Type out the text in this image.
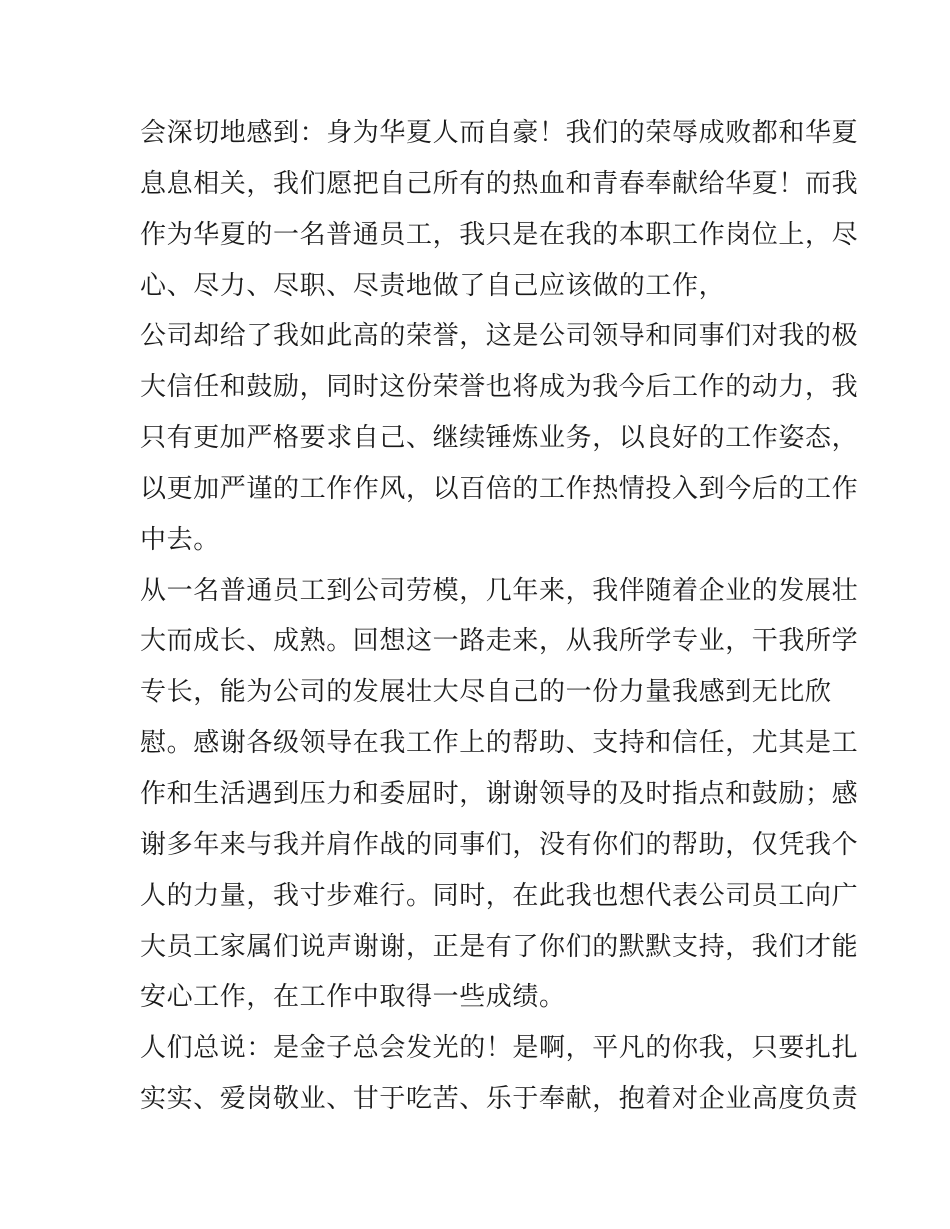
会深切地感到：身为华夏人而自豪！我们的荣辱成败都和华夏
息息相关，我们愿把自己所有的热血和青春奉献给华夏！而我
作为华夏的一名普通员工，我只是在我的本职工作岗位上，尽
心、尽力、尽职、尽责地做了自己应该做的工作，
公司却给了我如此高的荣誉，这是公司领导和同事们对我的极
大信任和鼓励，同时这份荣誉也将成为我今后工作的动力，我
只有更加严格要求自己、继续锤炼业务，以良好的工作姿态，
以更加严谨的工作作风，以百倍的工作热情投入到今后的工作
中去。
从一名普通员工到公司劳模，几年来，我伴随着企业的发展壮
大而成长、成熟。回想这一路走来，从我所学专业，干我所学
专长，能为公司的发展壮大尽自己的一份力量我感到无比欣
慰。感谢各级领导在我工作上的帮助、支持和信任，尤其是工
作和生活遇到压力和委屈时，谢谢领导的及时指点和鼓励；感
谢多年来与我并肩作战的同事们，没有你们的帮助，仅凭我个
人的力量，我寸步难行。同时，在此我也想代表公司员工向广
大员工家属们说声谢谢，正是有了你们的默默支持，我们才能
安心工作，在工作中取得一些成绩。
人们总说：是金子总会发光的！是啊，平凡的你我，只要扎扎
实实、爱岗敬业、甘于吃苦、乐于奉献，抱着对企业高度负责
